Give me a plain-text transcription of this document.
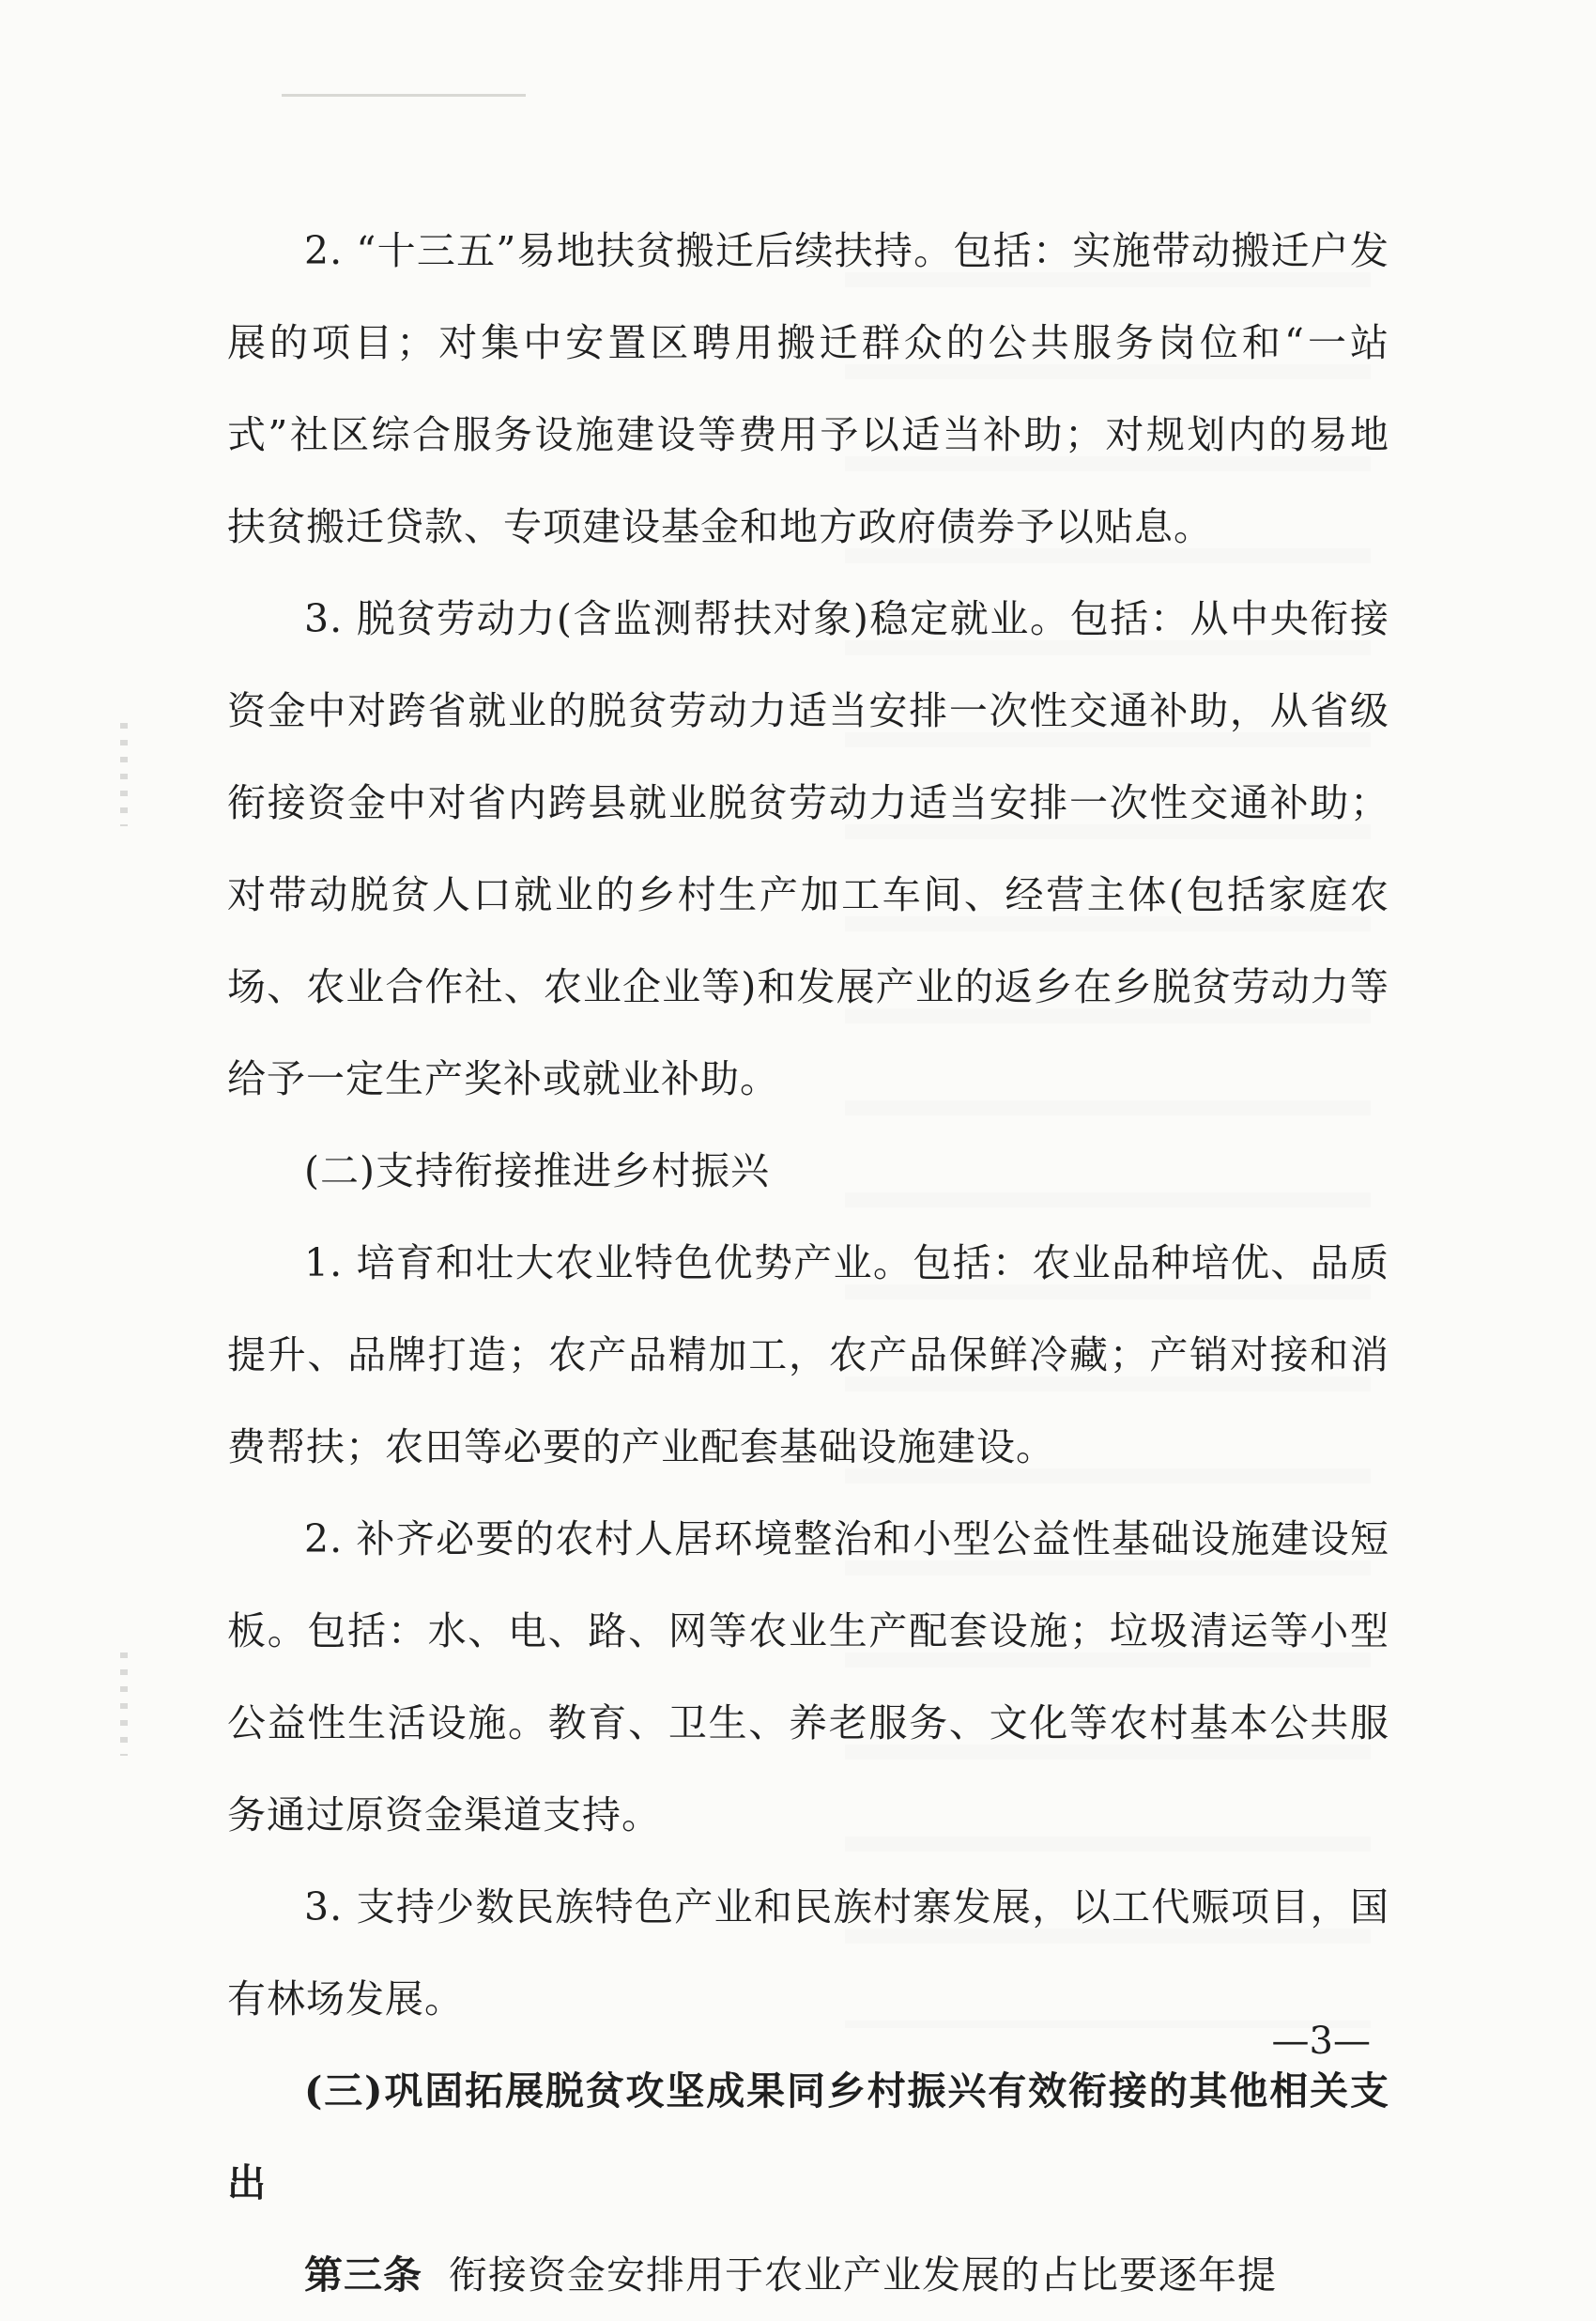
2. “十三五”易地扶贫搬迁后续扶持。包括：实施带动搬迁户发展的项目；对集中安置区聘用搬迁群众的公共服务岗位和“一站式”社区综合服务设施建设等费用予以适当补助；对规划内的易地扶贫搬迁贷款、专项建设基金和地方政府债券予以贴息。

3. 脱贫劳动力(含监测帮扶对象)稳定就业。包括：从中央衔接资金中对跨省就业的脱贫劳动力适当安排一次性交通补助，从省级衔接资金中对省内跨县就业脱贫劳动力适当安排一次性交通补助；对带动脱贫人口就业的乡村生产加工车间、经营主体(包括家庭农场、农业合作社、农业企业等)和发展产业的返乡在乡脱贫劳动力等给予一定生产奖补或就业补助。

(二)支持衔接推进乡村振兴

1. 培育和壮大农业特色优势产业。包括：农业品种培优、品质提升、品牌打造；农产品精加工，农产品保鲜冷藏；产销对接和消费帮扶；农田等必要的产业配套基础设施建设。

2. 补齐必要的农村人居环境整治和小型公益性基础设施建设短板。包括：水、电、路、网等农业生产配套设施；垃圾清运等小型公益性生活设施。教育、卫生、养老服务、文化等农村基本公共服务通过原资金渠道支持。

3. 支持少数民族特色产业和民族村寨发展，以工代赈项目，国有林场发展。

(三)巩固拓展脱贫攻坚成果同乡村振兴有效衔接的其他相关支出

第三条 衔接资金安排用于农业产业发展的占比要逐年提

—3—
